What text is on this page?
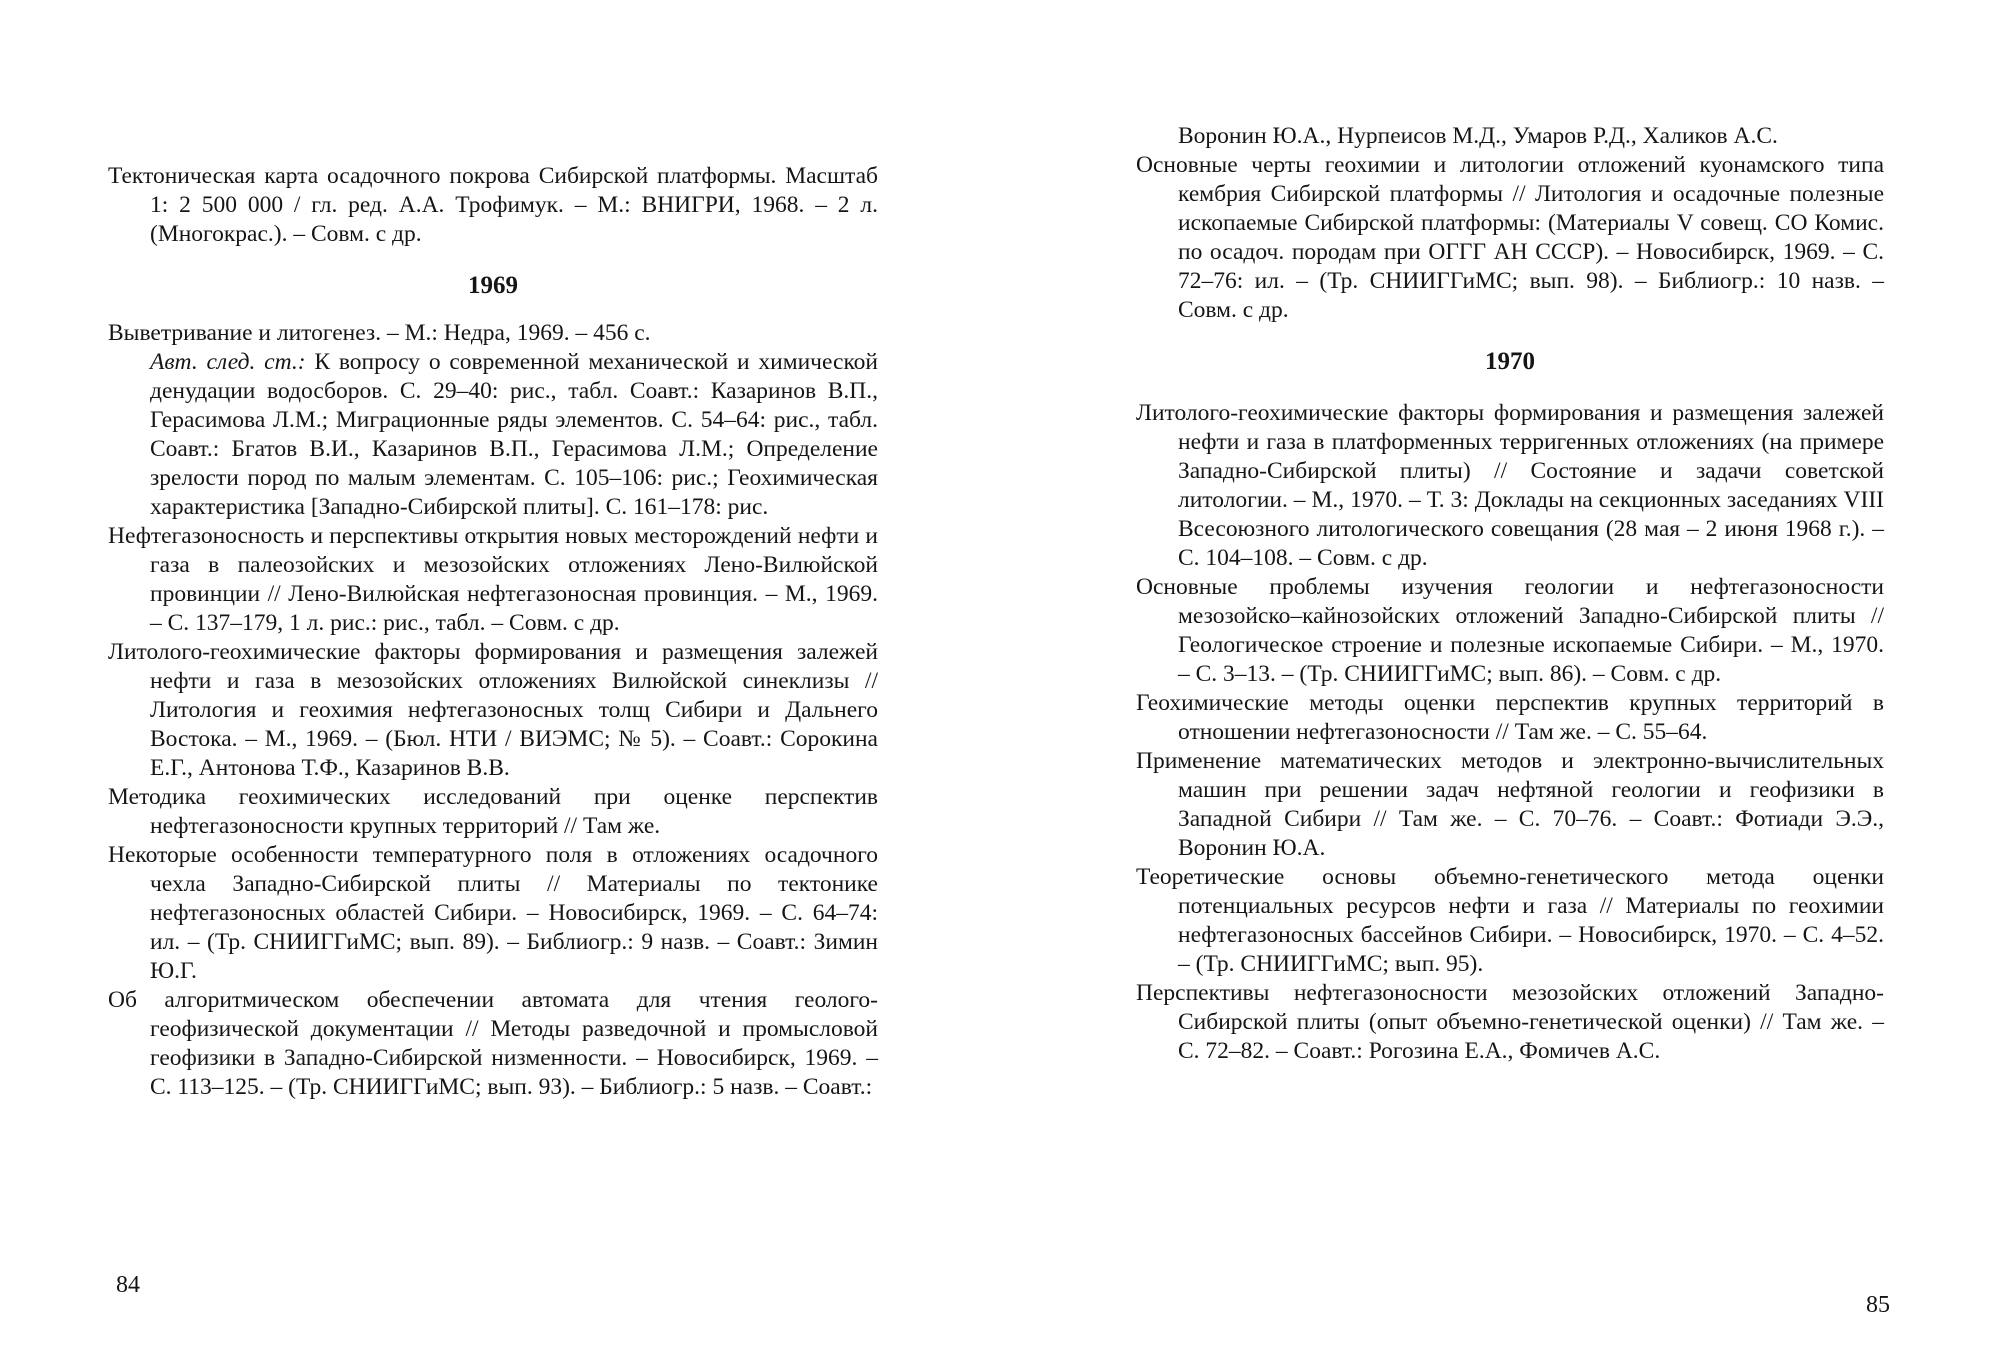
Тектоническая карта осадочного покрова Сибирской платформы. Масштаб 1: 2 500 000 / гл. ред. А.А. Трофимук. – М.: ВНИГРИ, 1968. – 2 л. (Многокрас.). – Совм. с др.

1969

Выветривание и литогенез. – М.: Недра, 1969. – 456 с.

Авт. след. ст.: К вопросу о современной механической и химической денудации водосборов. С. 29–40: рис., табл. Соавт.: Казаринов В.П., Герасимова Л.М.; Миграционные ряды элементов. С. 54–64: рис., табл. Соавт.: Бгатов В.И., Казаринов В.П., Герасимова Л.М.; Определение зрелости пород по малым элементам. С. 105–106: рис.; Геохимическая характеристика [Западно-Сибирской плиты]. С. 161–178: рис.

Нефтегазоносность и перспективы открытия новых месторождений нефти и газа в палеозойских и мезозойских отложениях Лено-Вилюйской провинции // Лено-Вилюйская нефтегазоносная провинция. – М., 1969. – С. 137–179, 1 л. рис.: рис., табл. – Совм. с др.

Литолого-геохимические факторы формирования и размещения залежей нефти и газа в мезозойских отложениях Вилюйской синеклизы // Литология и геохимия нефтегазоносных толщ Сибири и Дальнего Востока. – М., 1969. – (Бюл. НТИ / ВИЭМС; № 5). – Соавт.: Сорокина Е.Г., Антонова Т.Ф., Казаринов В.В.

Методика геохимических исследований при оценке перспектив нефтегазоносности крупных территорий // Там же.

Некоторые особенности температурного поля в отложениях осадочного чехла Западно-Сибирской плиты // Материалы по тектонике нефтегазоносных областей Сибири. – Новосибирск, 1969. – С. 64–74: ил. – (Тр. СНИИГГиМС; вып. 89). – Библиогр.: 9 назв. – Соавт.: Зимин Ю.Г.

Об алгоритмическом обеспечении автомата для чтения геолого-геофизической документации // Методы разведочной и промысловой геофизики в Западно-Сибирской низменности. – Новосибирск, 1969. – С. 113–125. – (Тр. СНИИГГиМС; вып. 93). – Библиогр.: 5 назв. – Соавт.:

84

Воронин Ю.А., Нурпеисов М.Д., Умаров Р.Д., Халиков А.С.

Основные черты геохимии и литологии отложений куонамского типа кембрия Сибирской платформы // Литология и осадочные полезные ископаемые Сибирской платформы: (Материалы V совещ. СО Комис. по осадоч. породам при ОГГГ АН СССР). – Новосибирск, 1969. – С. 72–76: ил. – (Тр. СНИИГГиМС; вып. 98). – Библиогр.: 10 назв. – Совм. с др.

1970

Литолого-геохимические факторы формирования и размещения залежей нефти и газа в платформенных терригенных отложениях (на примере Западно-Сибирской плиты) // Состояние и задачи советской литологии. – М., 1970. – Т. 3: Доклады на секционных заседаниях VIII Всесоюзного литологического совещания (28 мая – 2 июня 1968 г.). – С. 104–108. – Совм. с др.

Основные проблемы изучения геологии и нефтегазоносности мезозойско–кайнозойских отложений Западно-Сибирской плиты // Геологическое строение и полезные ископаемые Сибири. – М., 1970. – С. 3–13. – (Тр. СНИИГГиМС; вып. 86). – Совм. с др.

Геохимические методы оценки перспектив крупных территорий в отношении нефтегазоносности // Там же. – С. 55–64.

Применение математических методов и электронно-вычислительных машин при решении задач нефтяной геологии и геофизики в Западной Сибири // Там же. – С. 70–76. – Соавт.: Фотиади Э.Э., Воронин Ю.А.

Теоретические основы объемно-генетического метода оценки потенциальных ресурсов нефти и газа // Материалы по геохимии нефтегазоносных бассейнов Сибири. – Новосибирск, 1970. – С. 4–52. – (Тр. СНИИГГиМС; вып. 95).

Перспективы нефтегазоносности мезозойских отложений Западно-Сибирской плиты (опыт объемно-генетической оценки) // Там же. – С. 72–82. – Соавт.: Рогозина Е.А., Фомичев А.С.

85
